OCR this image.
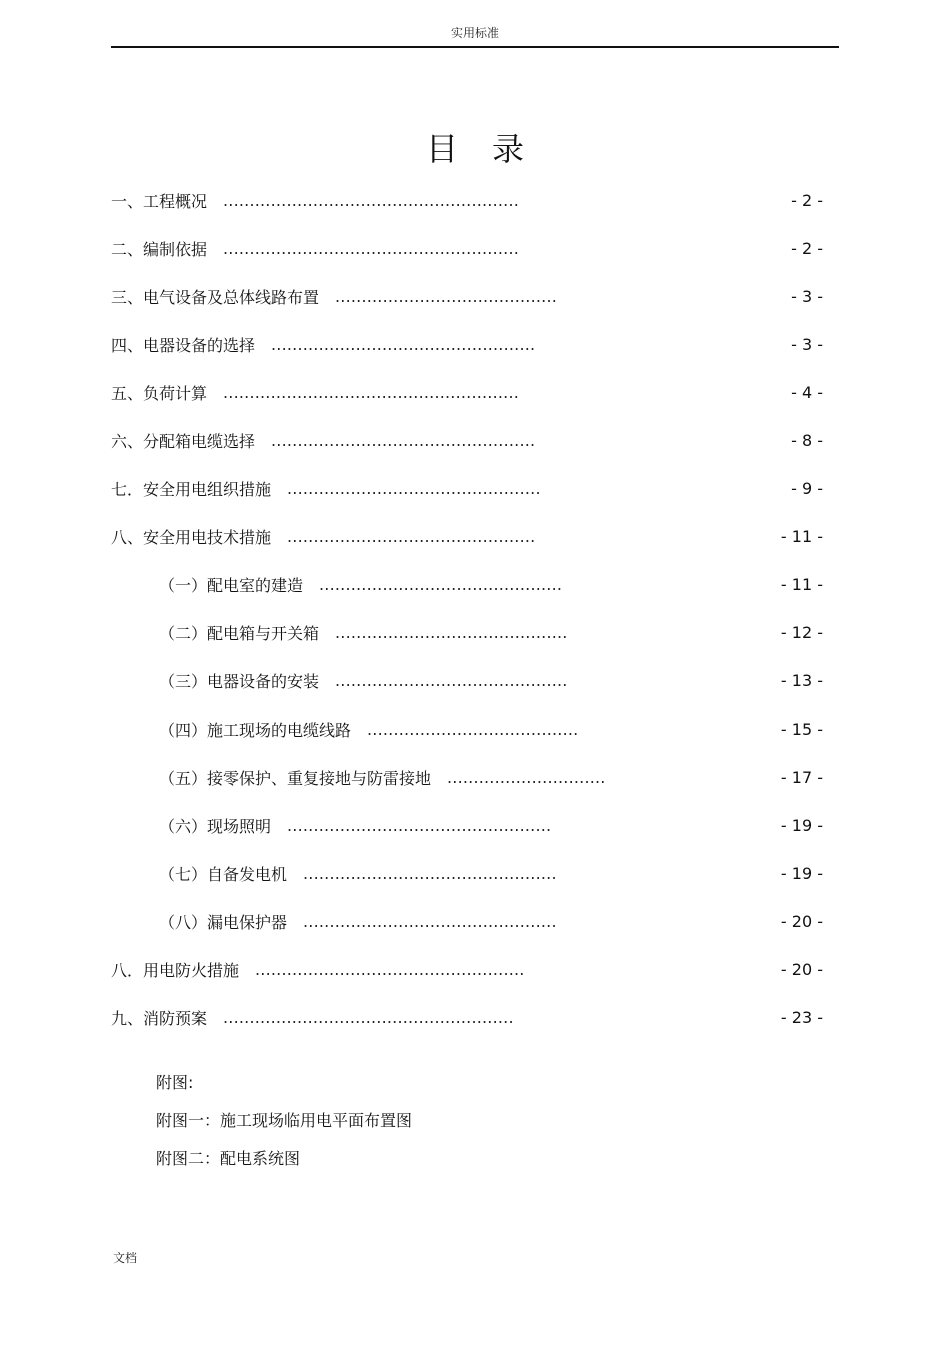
实用标准
目录
一、工程概况 ........................................................	- 2 -
二、编制依据 ........................................................	- 2 -
三、电气设备及总体线路布置 ..........................................	- 3 -
四、电器设备的选择 ..................................................	- 3 -
五、负荷计算 ........................................................	- 4 -
六、分配箱电缆选择 ..................................................	- 8 -
七．安全用电组织措施 ................................................	- 9 -
八、安全用电技术措施 ...............................................	- 11 -
（一）配电室的建造 ..............................................	- 11 -
（二）配电箱与开关箱 ............................................	- 12 -
（三）电器设备的安装 ............................................	- 13 -
（四）施工现场的电缆线路 ........................................	- 15 -
（五）接零保护、重复接地与防雷接地 ..............................	- 17 -
（六）现场照明 ..................................................	- 19 -
（七）自备发电机 ................................................	- 19 -
（八）漏电保护器 ................................................	- 20 -
八．用电防火措施 ...................................................	- 20 -
九、消防预案 .......................................................	- 23 -
附图:
附图一：施工现场临用电平面布置图
附图二：配电系统图
文档
